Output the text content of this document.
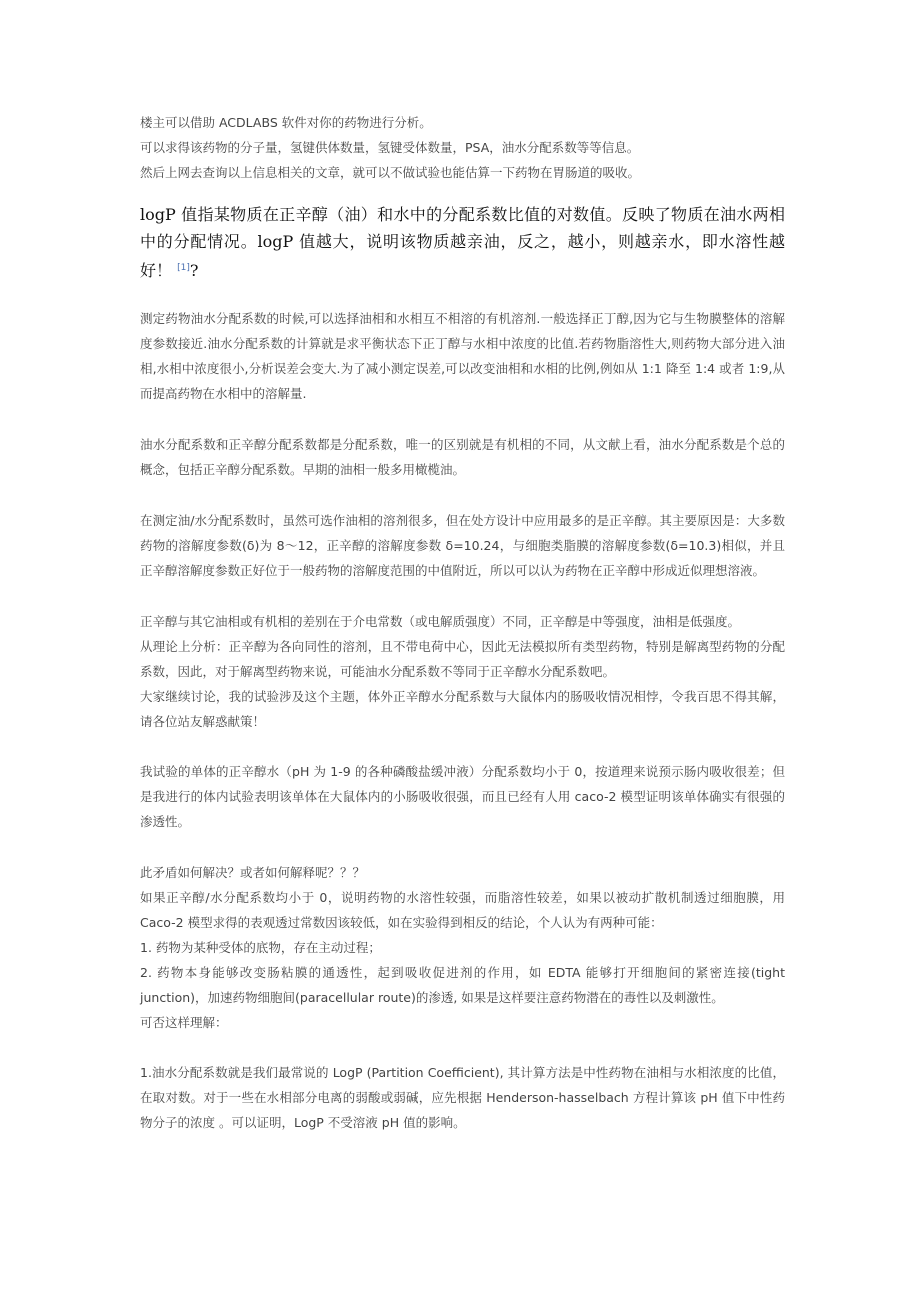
楼主可以借助 ACDLABS 软件对你的药物进行分析。

可以求得该药物的分子量，氢键供体数量，氢键受体数量，PSA，油水分配系数等等信息。

然后上网去查询以上信息相关的文章，就可以不做试验也能估算一下药物在胃肠道的吸收。

logP 值指某物质在正辛醇（油）和水中的分配系数比值的对数值。反映了物质在油水两相中的分配情况。logP 值越大，说明该物质越亲油，反之，越小，则越亲水，即水溶性越好！ [1]?

测定药物油水分配系数的时候,可以选择油相和水相互不相溶的有机溶剂.一般选择正丁醇,因为它与生物膜整体的溶解度参数接近.油水分配系数的计算就是求平衡状态下正丁醇与水相中浓度的比值.若药物脂溶性大,则药物大部分进入油相,水相中浓度很小,分析误差会变大.为了减小测定误差,可以改变油相和水相的比例,例如从 1:1 降至 1:4 或者 1:9,从而提高药物在水相中的溶解量.

油水分配系数和正辛醇分配系数都是分配系数，唯一的区别就是有机相的不同，从文献上看，油水分配系数是个总的概念，包括正辛醇分配系数。早期的油相一般多用橄榄油。

在测定油/水分配系数时，虽然可选作油相的溶剂很多，但在处方设计中应用最多的是正辛醇。其主要原因是：大多数药物的溶解度参数(δ)为 8～12，正辛醇的溶解度参数 δ=10.24，与细胞类脂膜的溶解度参数(δ=10.3)相似，并且正辛醇溶解度参数正好位于一般药物的溶解度范围的中值附近，所以可以认为药物在正辛醇中形成近似理想溶液。

正辛醇与其它油相或有机相的差别在于介电常数（或电解质强度）不同，正辛醇是中等强度，油相是低强度。

从理论上分析：正辛醇为各向同性的溶剂，且不带电荷中心，因此无法模拟所有类型药物，特别是解离型药物的分配系数，因此，对于解离型药物来说，可能油水分配系数不等同于正辛醇水分配系数吧。

大家继续讨论，我的试验涉及这个主题，体外正辛醇水分配系数与大鼠体内的肠吸收情况相悖，令我百思不得其解，请各位站友解惑献策！

我试验的单体的正辛醇水（pH 为 1-9 的各种磷酸盐缓冲液）分配系数均小于 0，按道理来说预示肠内吸收很差；但是我进行的体内试验表明该单体在大鼠体内的小肠吸收很强，而且已经有人用 caco-2 模型证明该单体确实有很强的渗透性。

此矛盾如何解决？或者如何解释呢？？？

如果正辛醇/水分配系数均小于 0，说明药物的水溶性较强，而脂溶性较差，如果以被动扩散机制透过细胞膜，用 Caco-2 模型求得的表观透过常数因该较低，如在实验得到相反的结论，个人认为有两种可能：

1. 药物为某种受体的底物，存在主动过程；

2. 药物本身能够改变肠粘膜的通透性，起到吸收促进剂的作用，如 EDTA 能够打开细胞间的紧密连接(tight junction)，加速药物细胞间(paracellular route)的渗透, 如果是这样要注意药物潜在的毒性以及刺激性。

可否这样理解：

1.油水分配系数就是我们最常说的 LogP (Partition Coefficient), 其计算方法是中性药物在油相与水相浓度的比值，在取对数。对于一些在水相部分电离的弱酸或弱碱，应先根据 Henderson-hasselbach 方程计算该 pH 值下中性药物分子的浓度 。可以证明，LogP 不受溶液 pH 值的影响。
